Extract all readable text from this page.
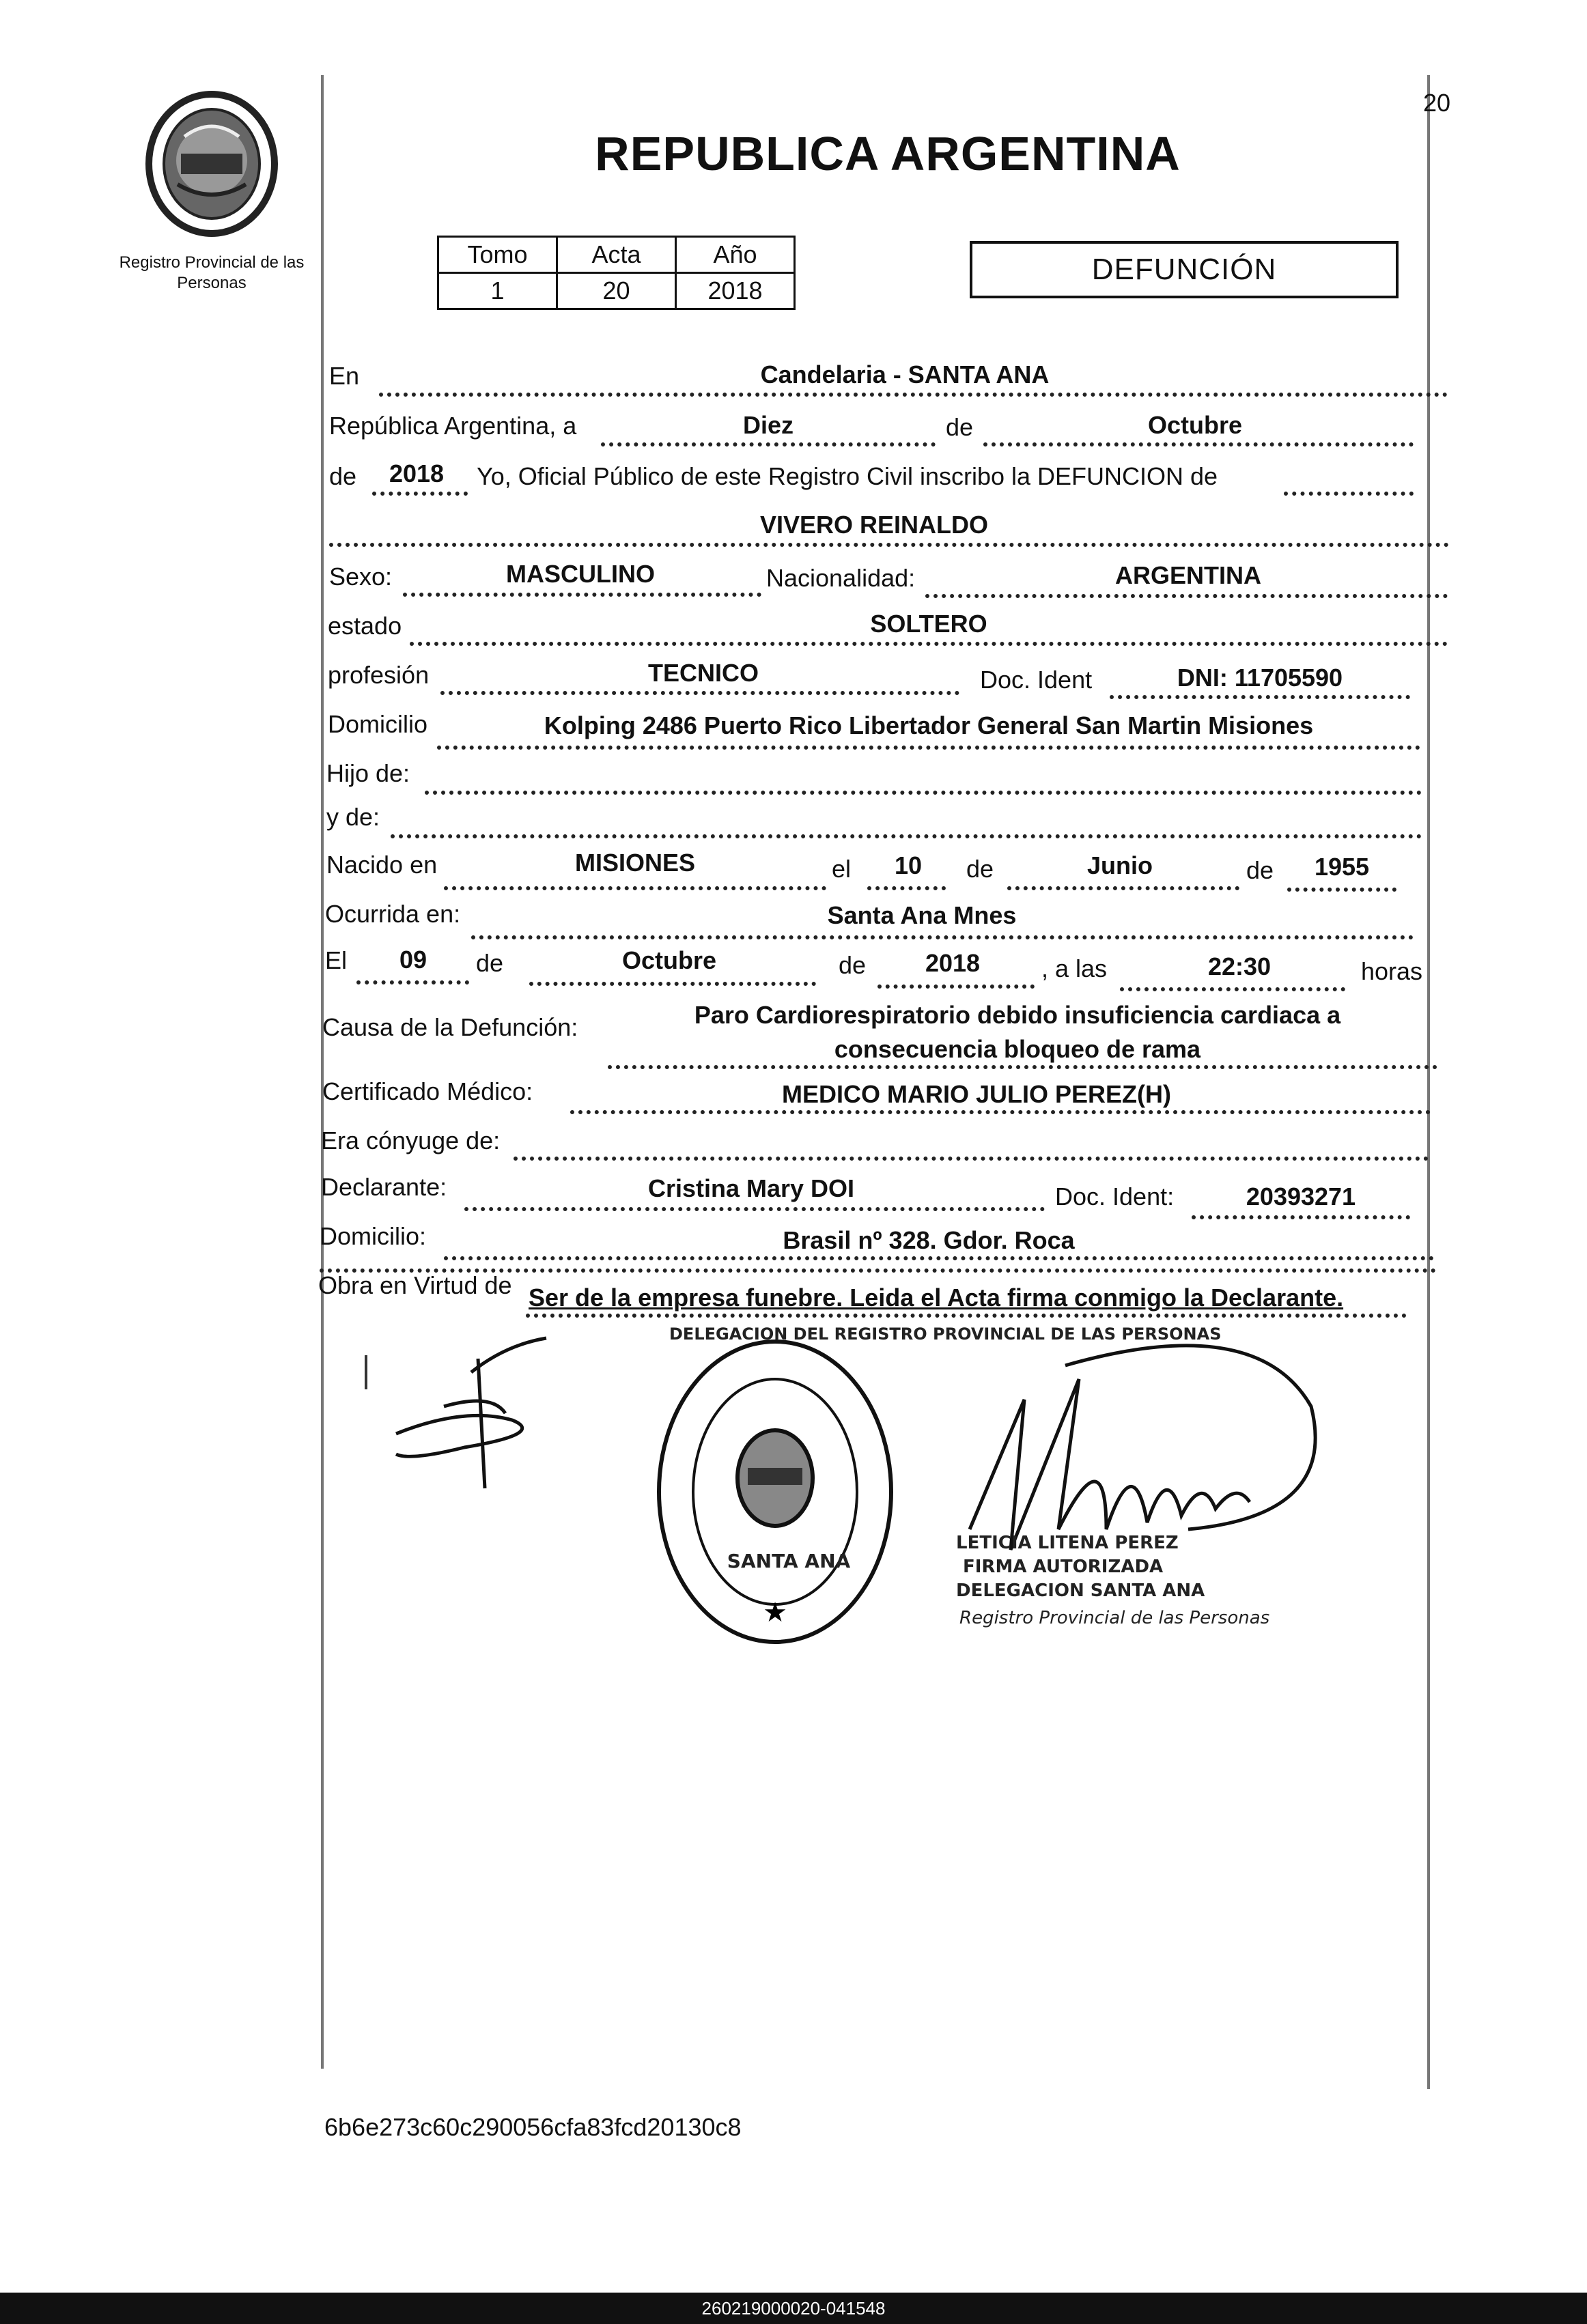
Registro Provincial de las Personas
20
REPUBLICA ARGENTINA
Tomo	Acta	Año
1	20	2018
DEFUNCIÓN
En	Candelaria - SANTA ANA
República Argentina, a	Diez	de	Octubre
de	2018	Yo, Oficial Público de este Registro Civil inscribo la DEFUNCION de
VIVERO REINALDO
Sexo:	MASCULINO	Nacionalidad:	ARGENTINA
estado	SOLTERO
profesión	TECNICO	Doc. Ident	DNI: 11705590
Domicilio	Kolping 2486 Puerto Rico Libertador General San Martin Misiones
Hijo de:
y de:
Nacido en	MISIONES	el	10	de	Junio	de	1955
Ocurrida en:	Santa Ana Mnes
El	09	de	Octubre	de	2018	, a las	22:30	horas
Causa de la Defunción:	Paro Cardiorespiratorio debido insuficiencia cardiaca a
consecuencia bloqueo de rama
Certificado Médico:	MEDICO MARIO JULIO PEREZ(H)
Era cónyuge de:
Declarante:	Cristina Mary DOI	Doc. Ident:	20393271
Domicilio:	Brasil nº 328. Gdor. Roca
Obra en Virtud de Ser de la empresa funebre. Leida el Acta firma conmigo la Declarante.
★
DELEGACION DEL REGISTRO PROVINCIAL DE LAS PERSONAS
SANTA ANA
LETICIA LITENA PEREZ
FIRMA AUTORIZADA
DELEGACION SANTA ANA
Registro Provincial de las Personas
6b6e273c60c290056cfa83fcd20130c8
260219000020-041548
